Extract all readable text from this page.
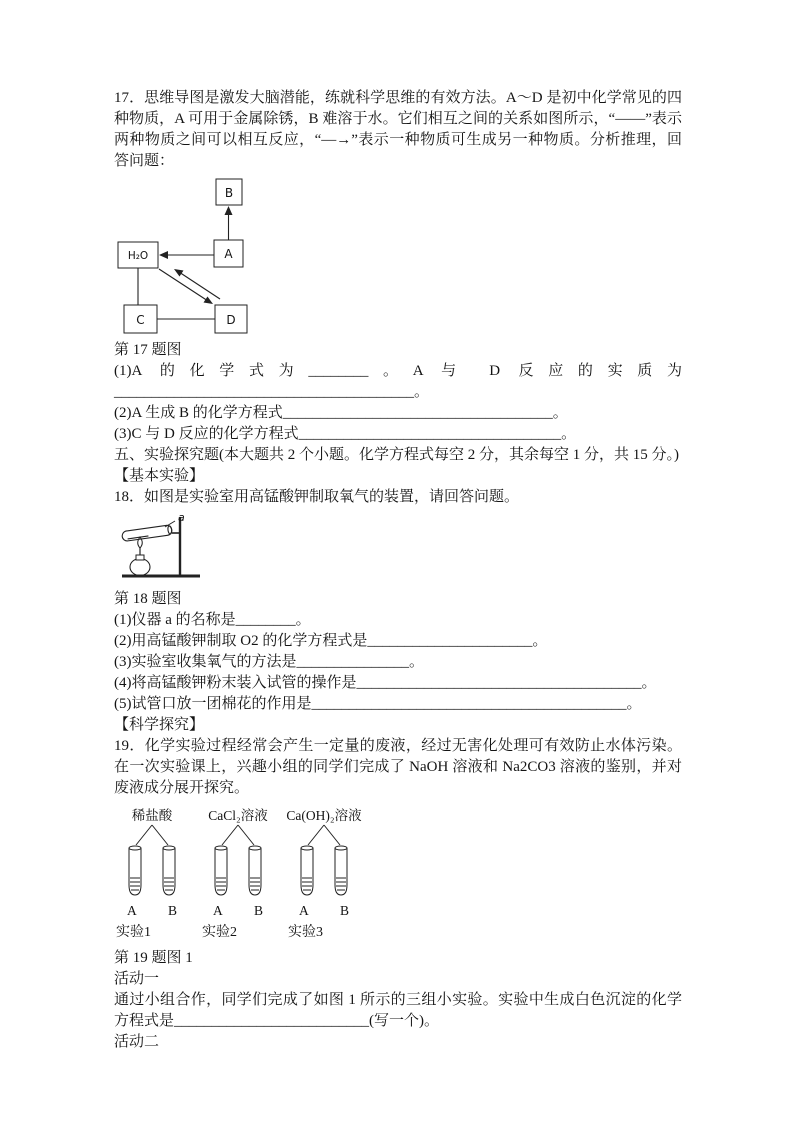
17．思维导图是激发大脑潜能，练就科学思维的有效方法。A～D 是初中化学常见的四种物质，A 可用于金属除锈，B 难溶于水。它们相互之间的关系如图所示，“——”表示两种物质之间可以相互反应，“—→”表示一种物质可生成另一种物质。分析推理，回答问题：

B
A
H₂O
C	D

第 17 题图

(1)A 的化学式为________。A 与 D 反应的实质为________________________________________。

(2)A 生成 B 的化学方程式____________________________________。

(3)C 与 D 反应的化学方程式___________________________________。

五、实验探究题(本大题共 2 个小题。化学方程式每空 2 分，其余每空 1 分，共 15 分。)

【基本实验】

18．如图是实验室用高锰酸钾制取氧气的装置，请回答问题。

a

第 18 题图

(1)仪器 a 的名称是________。

(2)用高锰酸钾制取 O2 的化学方程式是______________________。

(3)实验室收集氧气的方法是_______________。

(4)将高锰酸钾粉末装入试管的操作是______________________________________。

(5)试管口放一团棉花的作用是__________________________________________。

【科学探究】

19．化学实验过程经常会产生一定量的废液，经过无害化处理可有效防止水体污染。在一次实验课上，兴趣小组的同学们完成了 NaOH 溶液和 Na2CO3 溶液的鉴别，并对废液成分展开探究。

稀盐酸
A B
实验1
CaCl₂溶液
A B
实验2
Ca(OH)₂溶液
A B
实验3

第 19 题图 1

活动一

通过小组合作，同学们完成了如图 1 所示的三组小实验。实验中生成白色沉淀的化学方程式是__________________________(写一个)。

活动二
